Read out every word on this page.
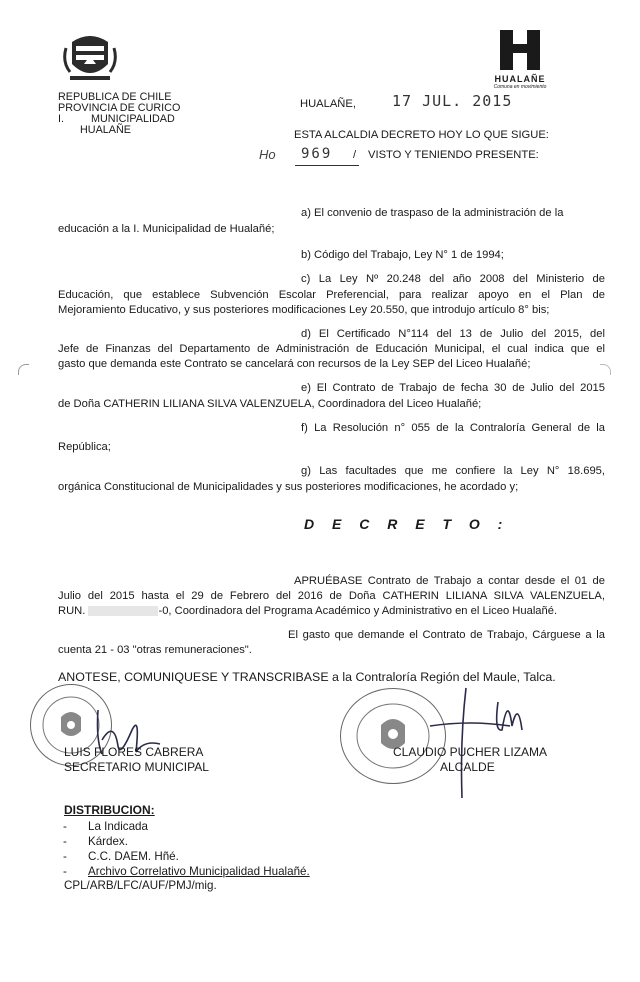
HUALAÑE
Comuna en movimiento
REPUBLICA DE CHILE
PROVINCIA DE CURICO
I.	MUNICIPALIDAD
HUALAÑE
HUALAÑE, 17 JUL. 2015
ESTA ALCALDIA DECRETO HOY LO QUE SIGUE:
Ho 969 / VISTO Y TENIENDO PRESENTE:
a) El convenio de traspaso de la administración de la
educación a la I. Municipalidad de Hualañé;
b) Código del Trabajo, Ley N° 1 de 1994;
c) La Ley Nº 20.248 del año 2008 del Ministerio de
Educación, que establece Subvención Escolar Preferencial, para realizar apoyo en el Plan de
Mejoramiento Educativo, y sus posteriores modificaciones Ley 20.550, que introdujo artículo 8° bis;
d) El Certificado N°114 del 13 de Julio del 2015, del
Jefe de Finanzas del Departamento de Administración de Educación Municipal, el cual indica que el
gasto que demanda este Contrato se cancelará con recursos de la Ley SEP del Liceo Hualañé;
e) El Contrato de Trabajo de fecha 30 de Julio del 2015
de Doña CATHERIN LILIANA SILVA VALENZUELA, Coordinadora del Liceo Hualañé;
f) La Resolución n° 055 de la Contraloría General de la
República;
g) Las facultades que me confiere la Ley N° 18.695,
orgánica Constitucional de Municipalidades y sus posteriores modificaciones, he acordado y;
D E C R E T O :
APRUÉBASE Contrato de Trabajo a contar desde el 01 de
Julio del 2015 hasta el 29 de Febrero del 2016 de Doña CATHERIN LILIANA SILVA VALENZUELA,
RUN.	-0, Coordinadora del Programa Académico y Administrativo en el Liceo Hualañé.
El gasto que demande el Contrato de Trabajo, Cárguese a la
cuenta 21 - 03 "otras remuneraciones".
ANOTESE, COMUNIQUESE Y TRANSCRIBASE a la Contraloría Región del Maule, Talca.
LUIS FLORES CABRERA
SECRETARIO MUNICIPAL
CLAUDIO PUCHER LIZAMA
ALCALDE
DISTRIBUCION:
- La Indicada
- Kárdex.
- C.C. DAEM. Hñé.
- Archivo Correlativo Municipalidad Hualañé.
CPL/ARB/LFC/AUF/PMJ/mig.
